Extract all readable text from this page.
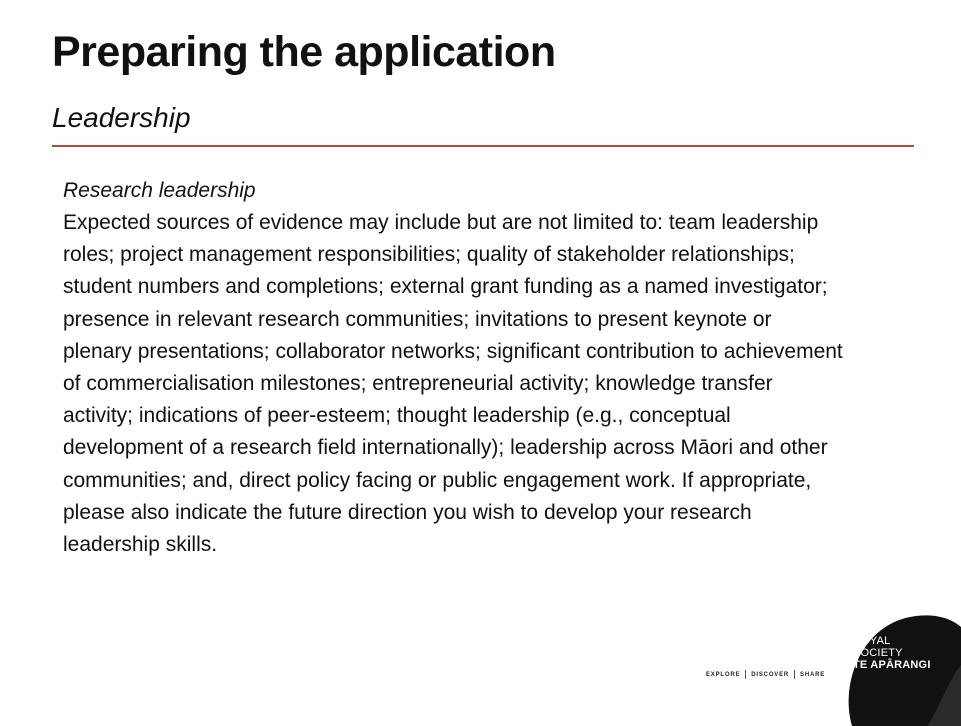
Preparing the application
Leadership

Research leadership

Expected sources of evidence may include but are not limited to: team leadership roles; project management responsibilities; quality of stakeholder relationships; student numbers and completions; external grant funding as a named investigator; presence in relevant research communities; invitations to present keynote or plenary presentations; collaborator networks; significant contribution to achievement of commercialisation milestones; entrepreneurial activity; knowledge transfer activity; indications of peer-esteem; thought leadership (e.g., conceptual development of a research field internationally); leadership across Māori and other communities; and, direct policy facing or public engagement work. If appropriate, please also indicate the future direction you wish to develop your research leadership skills.

EXPLORE DISCOVER SHARE
ROYAL
SOCIETY
TE APĀRANGI
